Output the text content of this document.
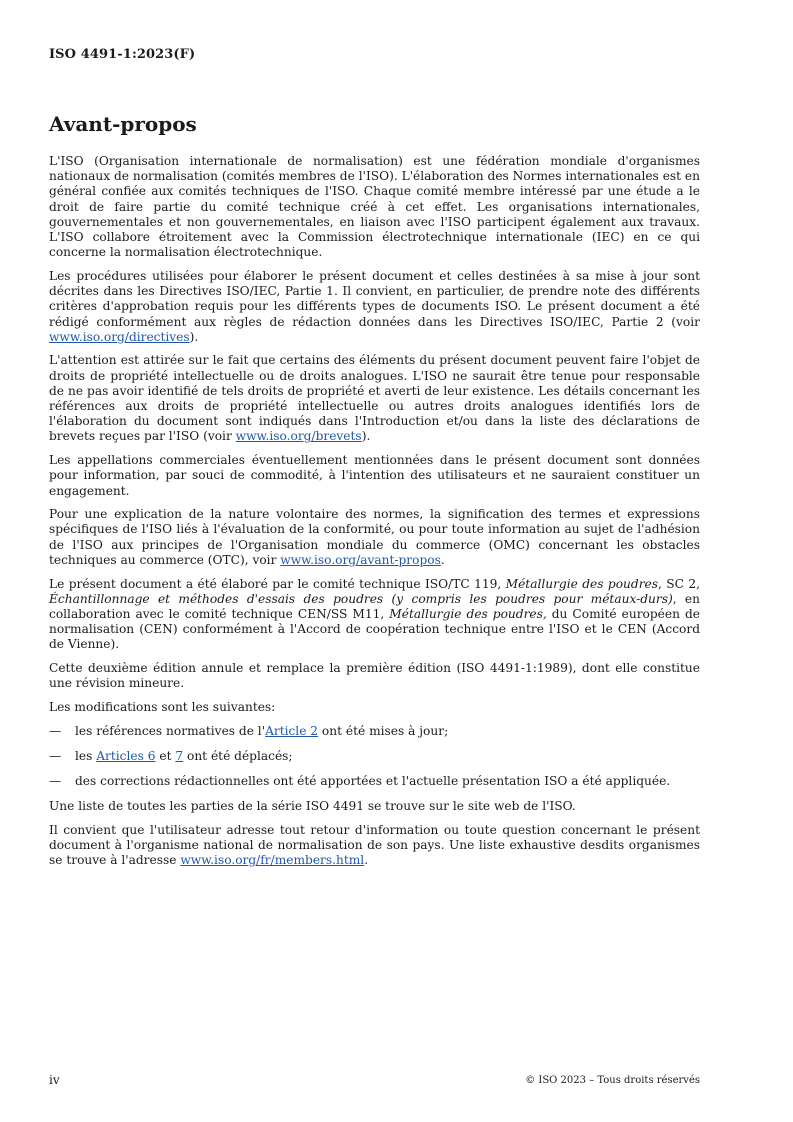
ISO 4491-1:2023(F)
Avant-propos

L'ISO (Organisation internationale de normalisation) est une fédération mondiale d'organismes nationaux de normalisation (comités membres de l'ISO). L'élaboration des Normes internationales est en général confiée aux comités techniques de l'ISO. Chaque comité membre intéressé par une étude a le droit de faire partie du comité technique créé à cet effet. Les organisations internationales, gouvernementales et non gouvernementales, en liaison avec l'ISO participent également aux travaux. L'ISO collabore étroitement avec la Commission électrotechnique internationale (IEC) en ce qui concerne la normalisation électrotechnique.

Les procédures utilisées pour élaborer le présent document et celles destinées à sa mise à jour sont décrites dans les Directives ISO/IEC, Partie 1. Il convient, en particulier, de prendre note des différents critères d'approbation requis pour les différents types de documents ISO. Le présent document a été rédigé conformément aux règles de rédaction données dans les Directives ISO/IEC, Partie 2 (voir www.iso.org/directives).

L'attention est attirée sur le fait que certains des éléments du présent document peuvent faire l'objet de droits de propriété intellectuelle ou de droits analogues. L'ISO ne saurait être tenue pour responsable de ne pas avoir identifié de tels droits de propriété et averti de leur existence. Les détails concernant les références aux droits de propriété intellectuelle ou autres droits analogues identifiés lors de l'élaboration du document sont indiqués dans l'Introduction et/ou dans la liste des déclarations de brevets reçues par l'ISO (voir www.iso.org/brevets).

Les appellations commerciales éventuellement mentionnées dans le présent document sont données pour information, par souci de commodité, à l'intention des utilisateurs et ne sauraient constituer un engagement.

Pour une explication de la nature volontaire des normes, la signification des termes et expressions spécifiques de l'ISO liés à l'évaluation de la conformité, ou pour toute information au sujet de l'adhésion de l'ISO aux principes de l'Organisation mondiale du commerce (OMC) concernant les obstacles techniques au commerce (OTC), voir www.iso.org/avant-propos.

Le présent document a été élaboré par le comité technique ISO/TC 119, Métallurgie des poudres, SC 2, Échantillonnage et méthodes d'essais des poudres (y compris les poudres pour métaux-durs), en collaboration avec le comité technique CEN/SS M11, Métallurgie des poudres, du Comité européen de normalisation (CEN) conformément à l'Accord de coopération technique entre l'ISO et le CEN (Accord de Vienne).

Cette deuxième édition annule et remplace la première édition (ISO 4491-1:1989), dont elle constitue une révision mineure.

Les modifications sont les suivantes:

—	les références normatives de l'Article 2 ont été mises à jour;
—	les Articles 6 et 7 ont été déplacés;
—	des corrections rédactionnelles ont été apportées et l'actuelle présentation ISO a été appliquée.

Une liste de toutes les parties de la série ISO 4491 se trouve sur le site web de l'ISO.

Il convient que l'utilisateur adresse tout retour d'information ou toute question concernant le présent document à l'organisme national de normalisation de son pays. Une liste exhaustive desdits organismes se trouve à l'adresse www.iso.org/fr/members.html.

iv	© ISO 2023 – Tous droits réservés
